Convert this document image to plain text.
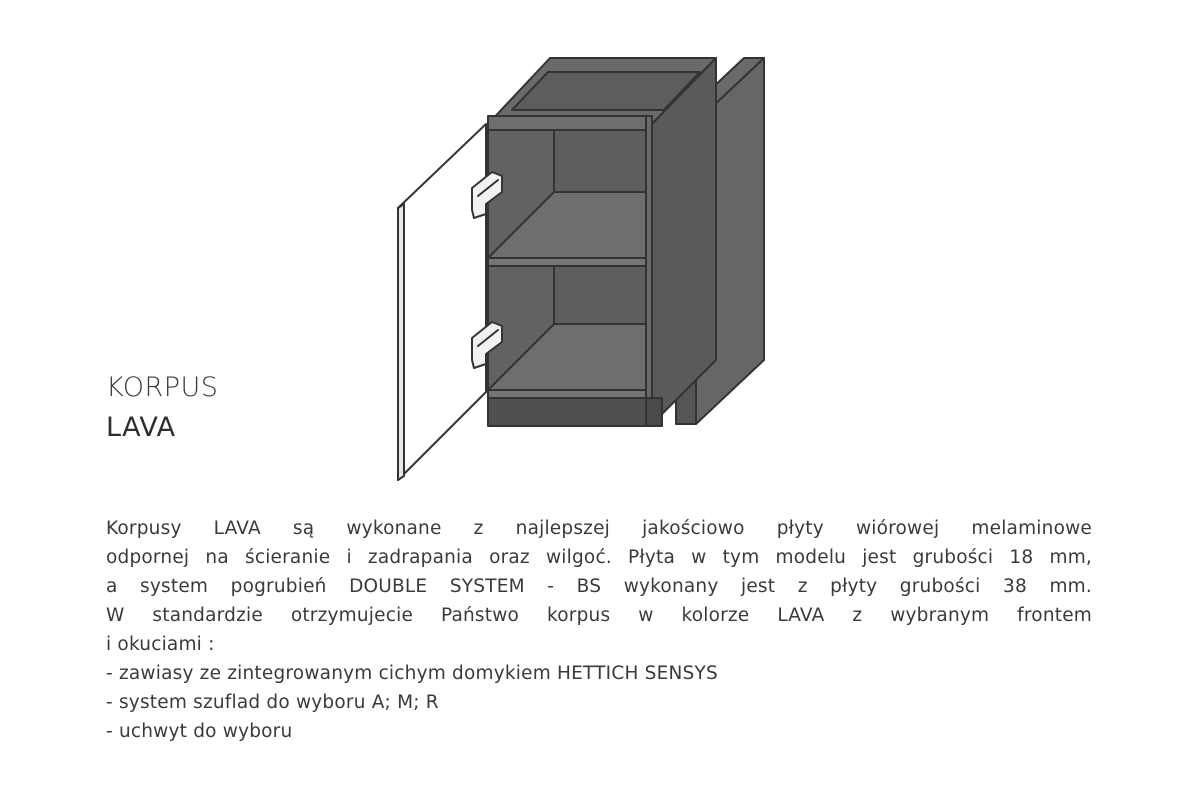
KORPUS
LAVA
Korpusy LAVA są wykonane z najlepszej jakościowo płyty wiórowej melaminowe
odpornej na ścieranie i zadrapania oraz wilgoć. Płyta w tym modelu jest grubości 18 mm,
a system pogrubień DOUBLE SYSTEM - BS wykonany jest z płyty grubości 38 mm.
W standardzie otrzymujecie Państwo korpus w kolorze LAVA z wybranym frontem
i okuciami :
- zawiasy ze zintegrowanym cichym domykiem HETTICH SENSYS
- system szuflad do wyboru A; M; R
- uchwyt do wyboru
